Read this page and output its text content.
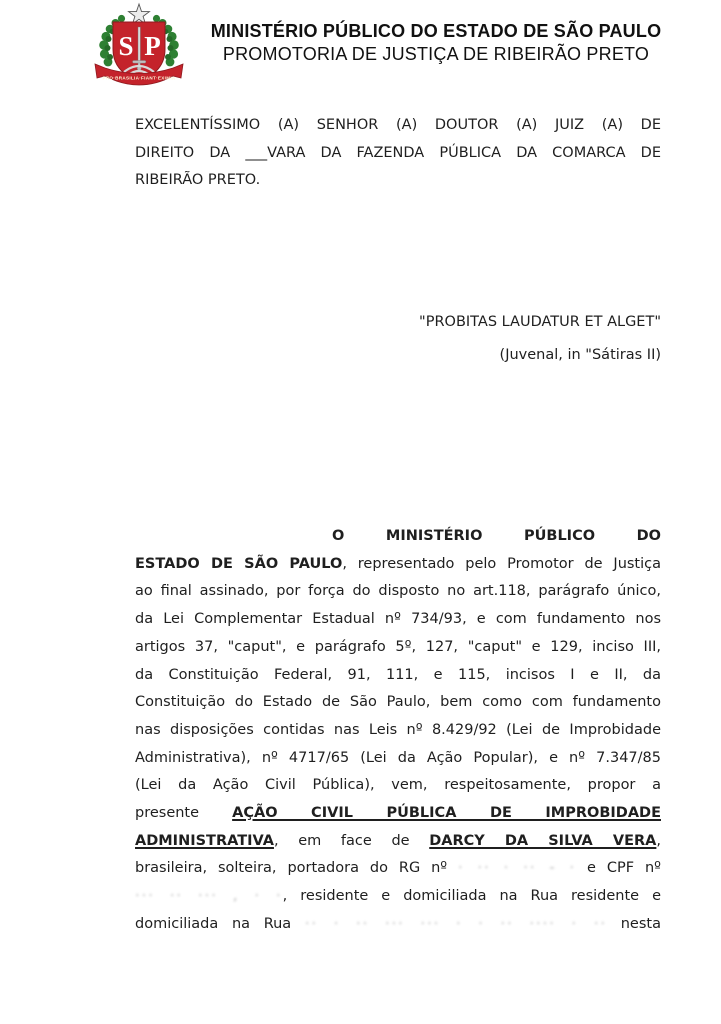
S P
PRO·BRASILIA·FIANT·EXIMIA
MINISTÉRIO PÚBLICO DO ESTADO DE SÃO PAULO
PROMOTORIA DE JUSTIÇA DE RIBEIRÃO PRETO
EXCELENTÍSSIMO (A) SENHOR (A) DOUTOR (A) JUIZ (A) DE
DIREITO DA ___VARA DA FAZENDA PÚBLICA DA COMARCA DE
RIBEIRÃO PRETO.
"PROBITAS LAUDATUR ET ALGET"
(Juvenal, in "Sátiras II)
O MINISTÉRIO PÚBLICO DO
ESTADO DE SÃO PAULO, representado pelo Promotor de Justiça
ao final assinado, por força do disposto no art.118, parágrafo único,
da Lei Complementar Estadual nº 734/93, e com fundamento nos
artigos 37, "caput", e parágrafo 5º, 127, "caput" e 129, inciso III,
da Constituição Federal, 91, 111, e 115, incisos I e II, da
Constituição do Estado de São Paulo, bem como com fundamento
nas disposições contidas nas Leis nº 8.429/92 (Lei de Improbidade
Administrativa), nº 4717/65 (Lei da Ação Popular), e nº 7.347/85
(Lei da Ação Civil Pública), vem, respeitosamente, propor a
presente AÇÃO CIVIL PÚBLICA DE IMPROBIDADE
ADMINISTRATIVA, em face de DARCY DA SILVA VERA,
brasileira, solteira, portadora do RG nº · ·· · ·· - · e CPF nº
··· ·· ··· , · ·, residente e domiciliada na Rua residente e
domiciliada na Rua ·· · ·· ··· ··· · · ·· ···· · ·· nesta
